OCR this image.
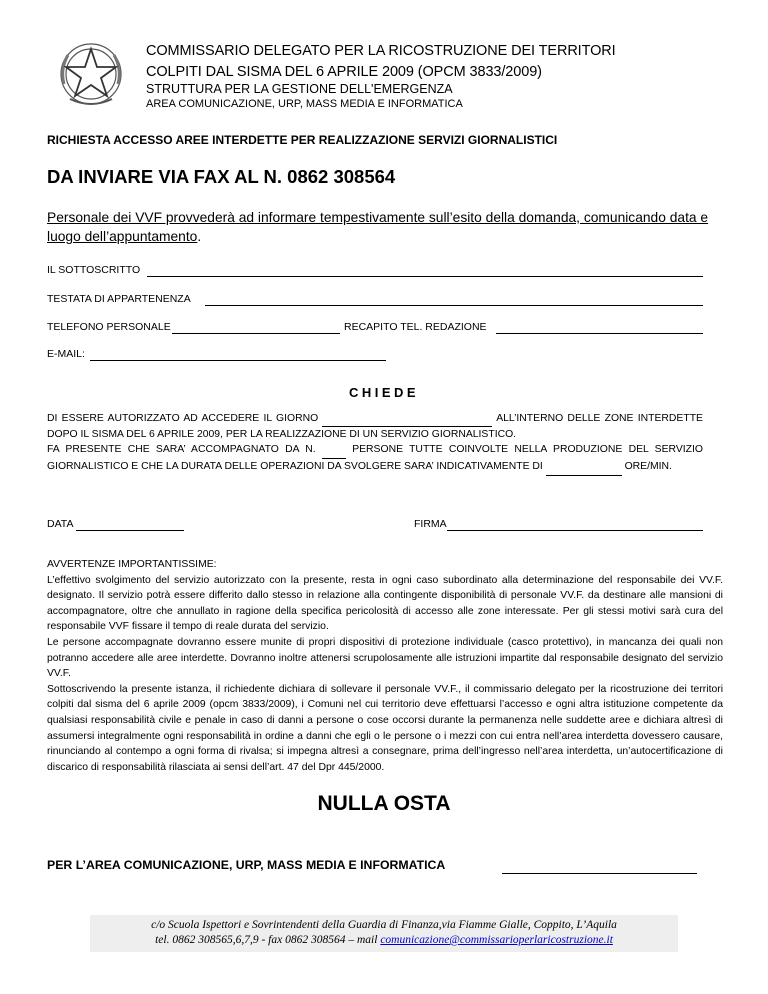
COMMISSARIO DELEGATO PER LA RICOSTRUZIONE DEI TERRITORI
COLPITI DAL SISMA DEL 6 APRILE 2009 (OPCM 3833/2009)
STRUTTURA PER LA GESTIONE DELL'EMERGENZA
AREA COMUNICAZIONE, URP, MASS MEDIA E INFORMATICA
RICHIESTA ACCESSO AREE INTERDETTE PER REALIZZAZIONE SERVIZI GIORNALISTICI
DA INVIARE VIA FAX AL N. 0862 308564
Personale dei VVF provvederà ad informare tempestivamente sull’esito della domanda, comunicando data e luogo dell’appuntamento.
IL SOTTOSCRITTO
TESTATA DI APPARTENENZA
TELEFONO PERSONALE	RECAPITO TEL. REDAZIONE
E-MAIL:
CHIEDE
DI ESSERE AUTORIZZATO AD ACCEDERE IL GIORNO	ALL’INTERNO DELLE ZONE INTERDETTE DOPO IL SISMA DEL 6 APRILE 2009, PER LA REALIZZAZIONE DI UN SERVIZIO GIORNALISTICO.
FA PRESENTE CHE SARA’ ACCOMPAGNATO DA N.	PERSONE TUTTE COINVOLTE NELLA PRODUZIONE DEL SERVIZIO GIORNALISTICO E CHE LA DURATA DELLE OPERAZIONI DA SVOLGERE SARA’ INDICATIVAMENTE DI	ORE/MIN.
DATA	FIRMA

AVVERTENZE IMPORTANTISSIME:

L’effettivo svolgimento del servizio autorizzato con la presente, resta in ogni caso subordinato alla determinazione del responsabile dei VV.F. designato. Il servizio potrà essere differito dallo stesso in relazione alla contingente disponibilità di personale VV.F. da destinare alle mansioni di accompagnatore, oltre che annullato in ragione della specifica pericolosità di accesso alle zone interessate. Per gli stessi motivi sarà cura del responsabile VVF fissare il tempo di reale durata del servizio.

Le persone accompagnate dovranno essere munite di propri dispositivi di protezione individuale (casco protettivo), in mancanza dei quali non potranno accedere alle aree interdette. Dovranno inoltre attenersi scrupolosamente alle istruzioni impartite dal responsabile designato del servizio VV.F.

Sottoscrivendo la presente istanza, il richiedente dichiara di sollevare il personale VV.F., il commissario delegato per la ricostruzione dei territori colpiti dal sisma del 6 aprile 2009 (opcm 3833/2009), i Comuni nel cui territorio deve effettuarsi l’accesso e ogni altra istituzione competente da qualsiasi responsabilità civile e penale in caso di danni a persone o cose occorsi durante la permanenza nelle suddette aree e dichiara altresì di assumersi integralmente ogni responsabilità in ordine a danni che egli o le persone o i mezzi con cui entra nell’area interdetta dovessero causare, rinunciando al contempo a ogni forma di rivalsa; si impegna altresì a consegnare, prima dell’ingresso nell’area interdetta, un’autocertificazione di discarico di responsabilità rilasciata ai sensi dell’art. 47 del Dpr 445/2000.

NULLA OSTA
PER L’AREA COMUNICAZIONE, URP, MASS MEDIA E INFORMATICA
c/o Scuola Ispettori e Sovrintendenti della Guardia di Finanza,via Fiamme Gialle, Coppito, L’Aquila
tel. 0862 308565,6,7,9 - fax 0862 308564 – mail comunicazione@commissarioperlaricostruzione.it
